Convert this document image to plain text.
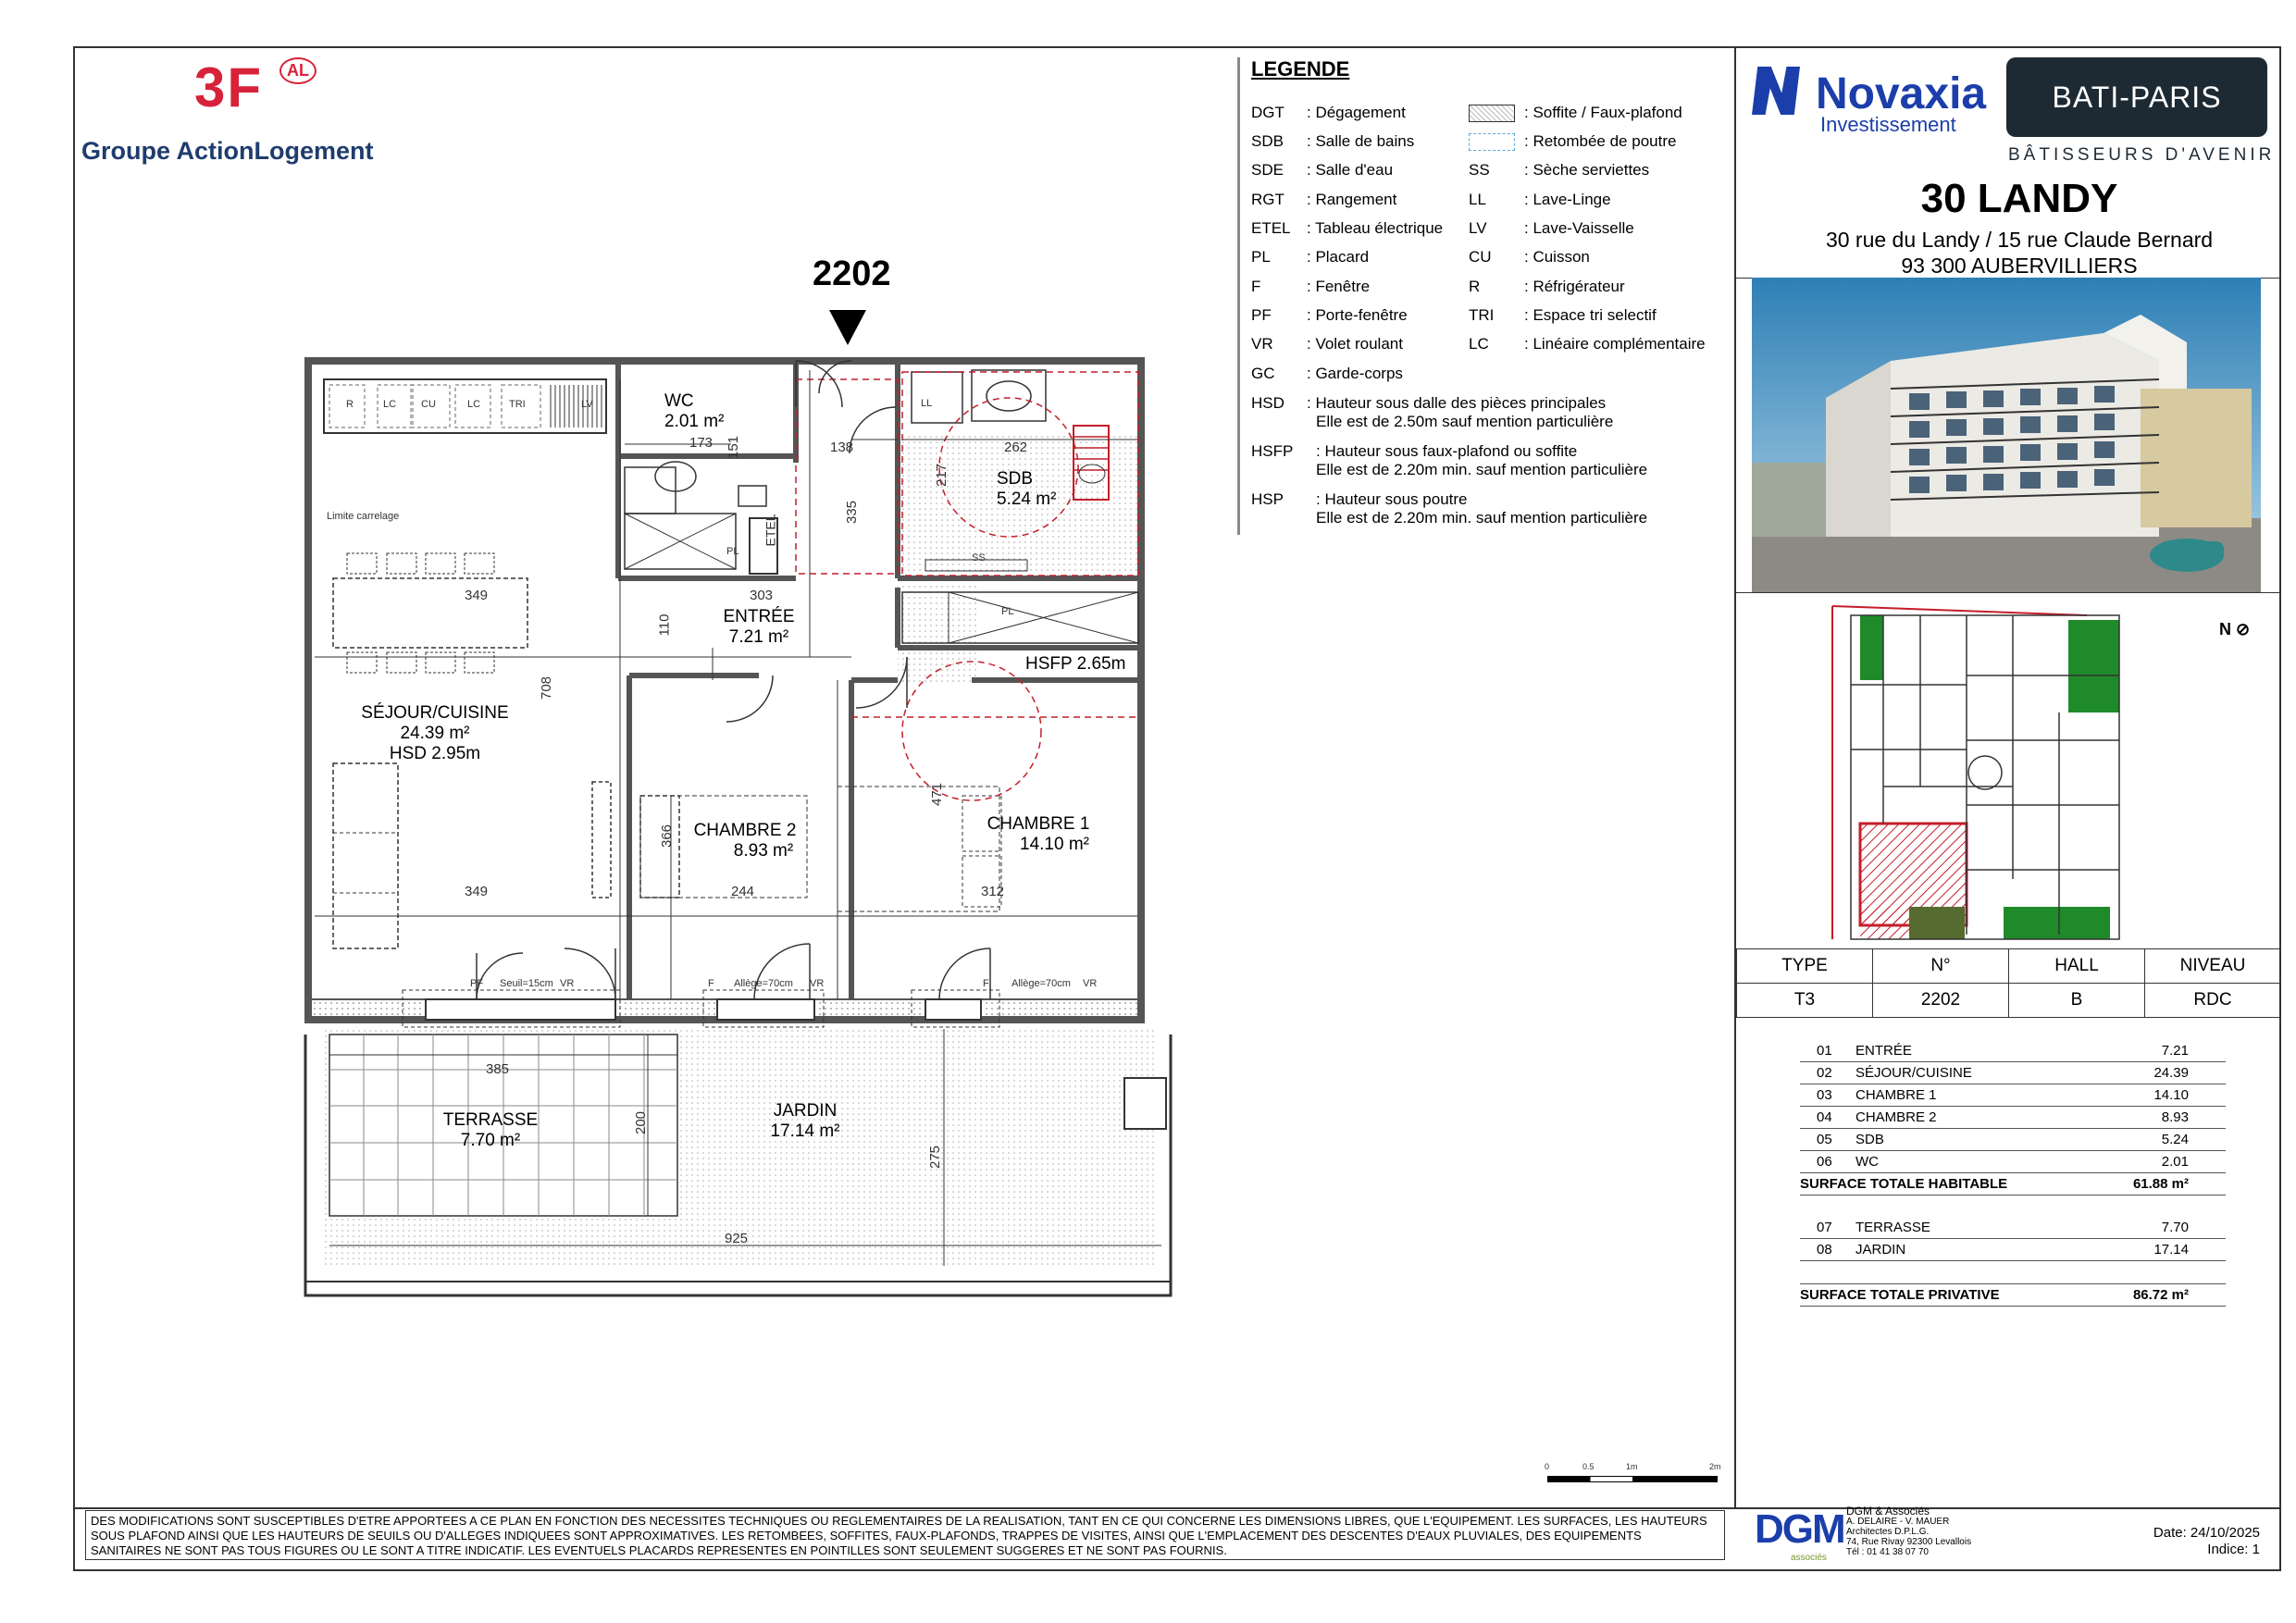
3F	AL
Groupe ActionLogement
2202
WC
2.01 m²
SDB
5.24 m²
ENTRÉE
7.21 m²
HSFP 2.65m
SÉJOUR/CUISINE
24.39 m²
HSD 2.95m
CHAMBRE 2
8.93 m²
CHAMBRE 1
14.10 m²
TERRASSE
7.70 m²
JARDIN
17.14 m²
R	LC CU	LC	TRI	LV	LL
PL
PL
ETEL
SS
Limite carrelage
173 151	138	262
217
335
349	303
110
708
366
471
349	244	312
385
200
275
925
PF Seuil=15cm VR	F Allège=70cm VR	F Allège=70cm VR
0	0.5	1m	2m
LEGENDE
DGT : Dégagement
SDB : Salle de bains
SDE : Salle d'eau
RGT : Rangement
ETEL : Tableau électrique
PL : Placard
F	: Fenêtre
PF : Porte-fenêtre
VR : Volet roulant
GC : Garde-corps
: Soffite / Faux-plafond
: Retombée de poutre
SS : Sèche serviettes
LL : Lave-Linge
LV : Lave-Vaisselle
CU : Cuisson
R	: Réfrigérateur
TRI : Espace tri selectif
LC : Linéaire complémentaire
HSD : Hauteur sous dalle des pièces principales
Elle est de 2.50m sauf mention particulière
HSFP : Hauteur sous faux-plafond ou soffite
Elle est de 2.20m min. sauf mention particulière
HSP : Hauteur sous poutre
Elle est de 2.20m min. sauf mention particulière
Novaxia
Investissement
BATI-PARIS
BÂTISSEURS D'AVENIR
30 LANDY
30 rue du Landy / 15 rue Claude Bernard
93 300 AUBERVILLIERS
N ⊘
TYPE	N°	HALL	NIVEAU
T3	2202	B	RDC
01 ENTRÉE	7.21
02 SÉJOUR/CUISINE	24.39
03 CHAMBRE 1	14.10
04 CHAMBRE 2	8.93
05 SDB	5.24
06 WC	2.01
SURFACE TOTALE HABITABLE	61.88 m²
07 TERRASSE	7.70
08 JARDIN	17.14
SURFACE TOTALE PRIVATIVE	86.72 m²
DES MODIFICATIONS SONT SUSCEPTIBLES D'ETRE APPORTEES A CE PLAN EN FONCTION DES NECESSITES TECHNIQUES OU REGLEMENTAIRES DE LA REALISATION, TANT EN CE QUI CONCERNE LES DIMENSIONS LIBRES, QUE L'EQUIPEMENT. LES SURFACES, LES HAUTEURS SOUS PLAFOND AINSI QUE LES HAUTEURS DE SEUILS OU D'ALLEGES INDIQUEES SONT APPROXIMATIVES. LES RETOMBEES, SOFFITES, FAUX-PLAFONDS, TRAPPES DE VISITES, AINSI QUE L'EMPLACEMENT DES DESCENTES D'EAUX PLUVIALES, DES EQUIPEMENTS SANITAIRES NE SONT PAS TOUS FIGURES OU LE SONT A TITRE INDICATIF. LES EVENTUELS PLACARDS REPRESENTES EN POINTILLES SONT SEULEMENT SUGGERES ET NE SONT PAS FOURNIS.	DGM
associés
DGM & Associés
A. DELAIRE - V. MAUER
Architectes D.P.L.G.
74, Rue Rivay 92300 Levallois
Tél : 01 41 38 07 70
Date: 24/10/2025
Indice: 1
